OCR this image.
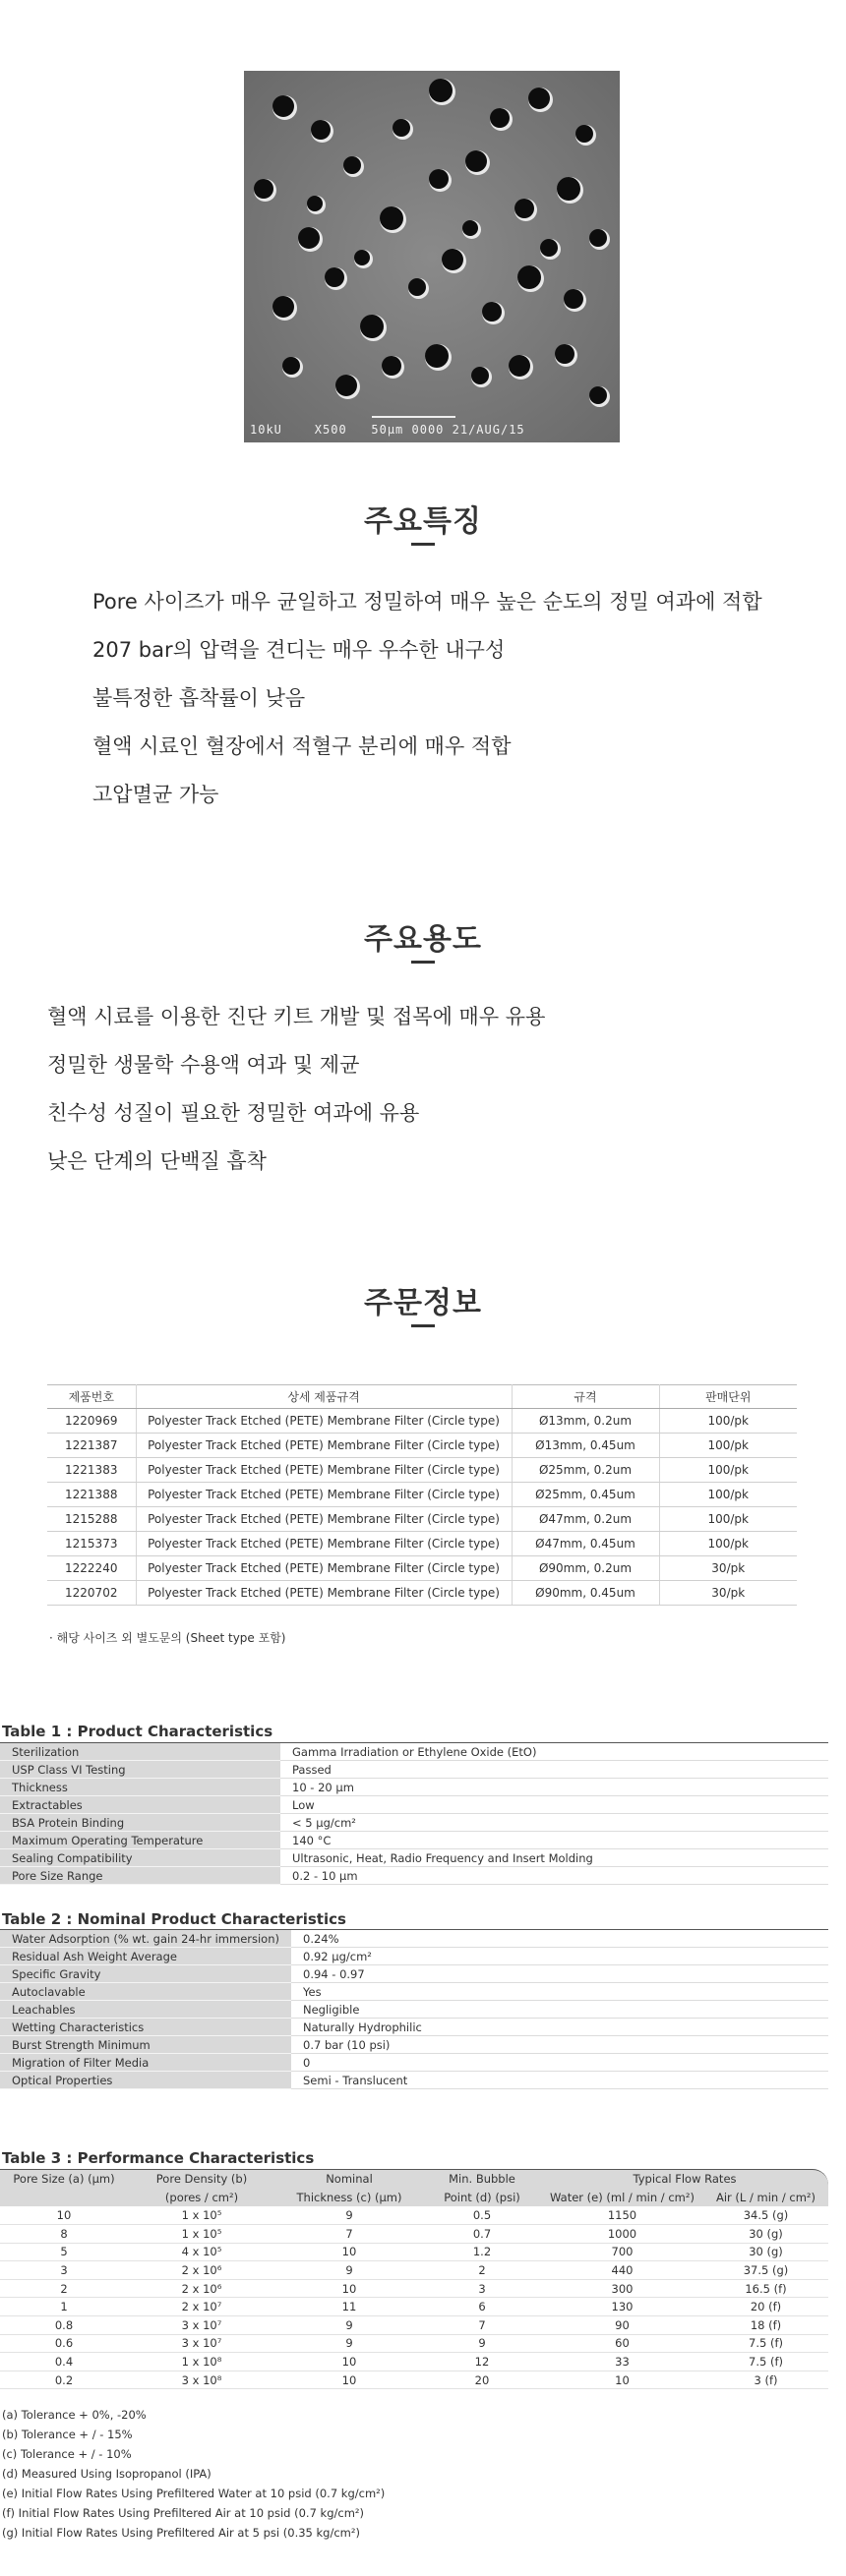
10kU    X500   50µm 0000 21/AUG/15
주요특징
Pore 사이즈가 매우 균일하고 정밀하여 매우 높은 순도의 정밀 여과에 적합
207 bar의 압력을 견디는 매우 우수한 내구성
불특정한 흡착률이 낮음
혈액 시료인 혈장에서 적혈구 분리에 매우 적합
고압멸균 가능
주요용도
혈액 시료를 이용한 진단 키트 개발 및 접목에 매우 유용
정밀한 생물학 수용액 여과 및 제균
친수성 성질이 필요한 정밀한 여과에 유용
낮은 단계의 단백질 흡착
주문정보
제품번호	상세 제품규격	규격	판매단위
1220969	Polyester Track Etched (PETE) Membrane Filter (Circle type)	Ø13mm, 0.2um	100/pk
1221387	Polyester Track Etched (PETE) Membrane Filter (Circle type)	Ø13mm, 0.45um	100/pk
1221383	Polyester Track Etched (PETE) Membrane Filter (Circle type)	Ø25mm, 0.2um	100/pk
1221388	Polyester Track Etched (PETE) Membrane Filter (Circle type)	Ø25mm, 0.45um	100/pk
1215288	Polyester Track Etched (PETE) Membrane Filter (Circle type)	Ø47mm, 0.2um	100/pk
1215373	Polyester Track Etched (PETE) Membrane Filter (Circle type)	Ø47mm, 0.45um	100/pk
1222240	Polyester Track Etched (PETE) Membrane Filter (Circle type)	Ø90mm, 0.2um	30/pk
1220702	Polyester Track Etched (PETE) Membrane Filter (Circle type)	Ø90mm, 0.45um	30/pk
· 해당 사이즈 외 별도문의 (Sheet type 포함)
Table 1 : Product Characteristics
Sterilization	Gamma Irradiation or Ethylene Oxide (EtO)
USP Class VI Testing	Passed
Thickness	10 - 20 µm
Extractables	Low
BSA Protein Binding	< 5 µg/cm²
Maximum Operating Temperature	140 °C
Sealing Compatibility	Ultrasonic, Heat, Radio Frequency and Insert Molding
Pore Size Range	0.2 - 10 µm
Table 2 : Nominal Product Characteristics
Water Adsorption (% wt. gain 24-hr immersion)	0.24%
Residual Ash Weight Average	0.92 µg/cm²
Specific Gravity	0.94 - 0.97
Autoclavable	Yes
Leachables	Negligible
Wetting Characteristics	Naturally Hydrophilic
Burst Strength Minimum	0.7 bar (10 psi)
Migration of Filter Media	0
Optical Properties	Semi - Translucent
Table 3 : Performance Characteristics
Pore Size (a) (µm)	Pore Density (b)	Nominal	Min. Bubble	Typical Flow Rates	
	(pores / cm²)	Thickness (c) (µm)	Point (d) (psi)	Water (e) (ml / min / cm²)	Air (L / min / cm²)
10	1 x 10⁵	9	0.5	1150	34.5 (g)
8	1 x 10⁵	7	0.7	1000	30 (g)
5	4 x 10⁵	10	1.2	700	30 (g)
3	2 x 10⁶	9	2	440	37.5 (g)
2	2 x 10⁶	10	3	300	16.5 (f)
1	2 x 10⁷	11	6	130	20 (f)
0.8	3 x 10⁷	9	7	90	18 (f)
0.6	3 x 10⁷	9	9	60	7.5 (f)
0.4	1 x 10⁸	10	12	33	7.5 (f)
0.2	3 x 10⁸	10	20	10	3 (f)
(a) Tolerance + 0%, -20%
(b) Tolerance + / - 15%
(c) Tolerance + / - 10%
(d) Measured Using Isopropanol (IPA)
(e) Initial Flow Rates Using Prefiltered Water at 10 psid (0.7 kg/cm²)
(f) Initial Flow Rates Using Prefiltered Air at 10 psid (0.7 kg/cm²)
(g) Initial Flow Rates Using Prefiltered Air at 5 psi (0.35 kg/cm²)
